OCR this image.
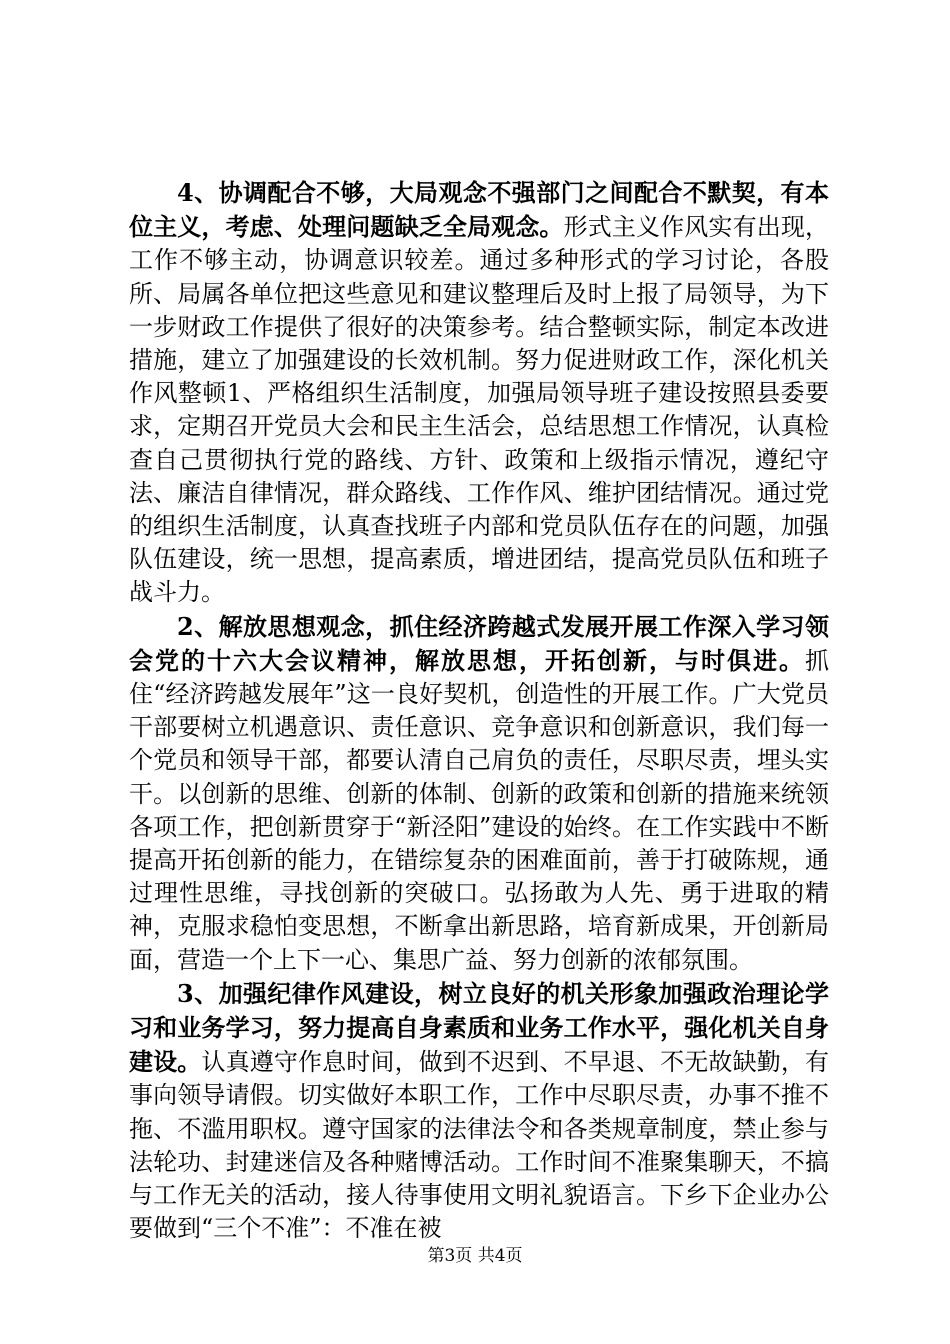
4、协调配合不够，大局观念不强部门之间配合不默契，有本位主义，考虑、处理问题缺乏全局观念。形式主义作风实有出现，工作不够主动，协调意识较差。通过多种形式的学习讨论，各股所、局属各单位把这些意见和建议整理后及时上报了局领导，为下一步财政工作提供了很好的决策参考。结合整顿实际，制定本改进措施，建立了加强建设的长效机制。努力促进财政工作，深化机关作风整顿1、严格组织生活制度，加强局领导班子建设按照县委要求，定期召开党员大会和民主生活会，总结思想工作情况，认真检查自己贯彻执行党的路线、方针、政策和上级指示情况，遵纪守法、廉洁自律情况，群众路线、工作作风、维护团结情况。通过党的组织生活制度，认真查找班子内部和党员队伍存在的问题，加强队伍建设，统一思想，提高素质，增进团结，提高党员队伍和班子战斗力。

2、解放思想观念，抓住经济跨越式发展开展工作深入学习领会党的十六大会议精神，解放思想，开拓创新，与时俱进。抓住“经济跨越发展年”这一良好契机，创造性的开展工作。广大党员干部要树立机遇意识、责任意识、竞争意识和创新意识，我们每一个党员和领导干部，都要认清自己肩负的责任，尽职尽责，埋头实干。以创新的思维、创新的体制、创新的政策和创新的措施来统领各项工作，把创新贯穿于“新泾阳”建设的始终。在工作实践中不断提高开拓创新的能力，在错综复杂的困难面前，善于打破陈规，通过理性思维，寻找创新的突破口。弘扬敢为人先、勇于进取的精神，克服求稳怕变思想，不断拿出新思路，培育新成果，开创新局面，营造一个上下一心、集思广益、努力创新的浓郁氛围。

3、加强纪律作风建设，树立良好的机关形象加强政治理论学习和业务学习，努力提高自身素质和业务工作水平，强化机关自身建设。认真遵守作息时间，做到不迟到、不早退、不无故缺勤，有事向领导请假。切实做好本职工作，工作中尽职尽责，办事不推不拖、不滥用职权。遵守国家的法律法令和各类规章制度，禁止参与法轮功、封建迷信及各种赌博活动。工作时间不准聚集聊天，不搞与工作无关的活动，接人待事使用文明礼貌语言。下乡下企业办公要做到“三个不准”：不准在被

第3页 共4页
